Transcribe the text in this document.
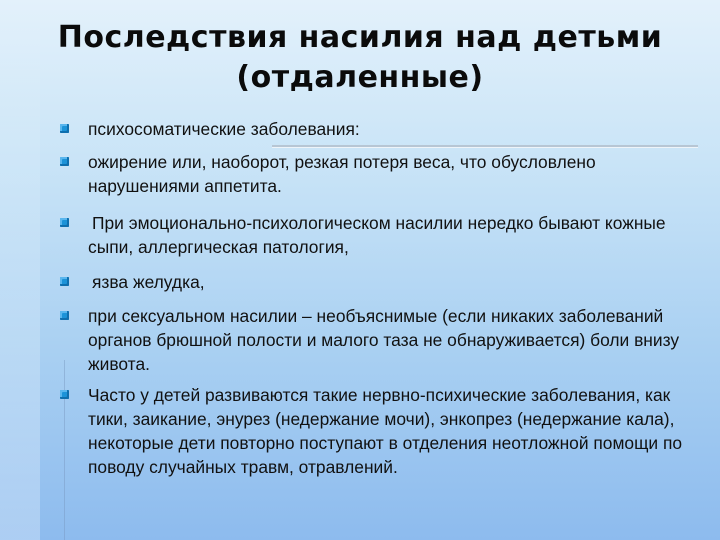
Последствия насилия над детьми
(отдаленные)
психосоматические заболевания:
ожирение или, наоборот, резкая потеря веса, что обусловлено нарушениями аппетита.
При эмоционально-психологическом насилии нередко бывают кожные сыпи, аллергическая патология,
язва желудка,
при сексуальном насилии – необъяснимые (если никаких заболеваний органов брюшной полости и малого таза не обнаруживается) боли внизу живота.
Часто у детей развиваются такие нервно-психические заболевания, как тики, заикание, энурез (недержание мочи), энкопрез (недержание кала), некоторые дети повторно поступают в отделения неотложной помощи по поводу случайных травм, отравлений.
